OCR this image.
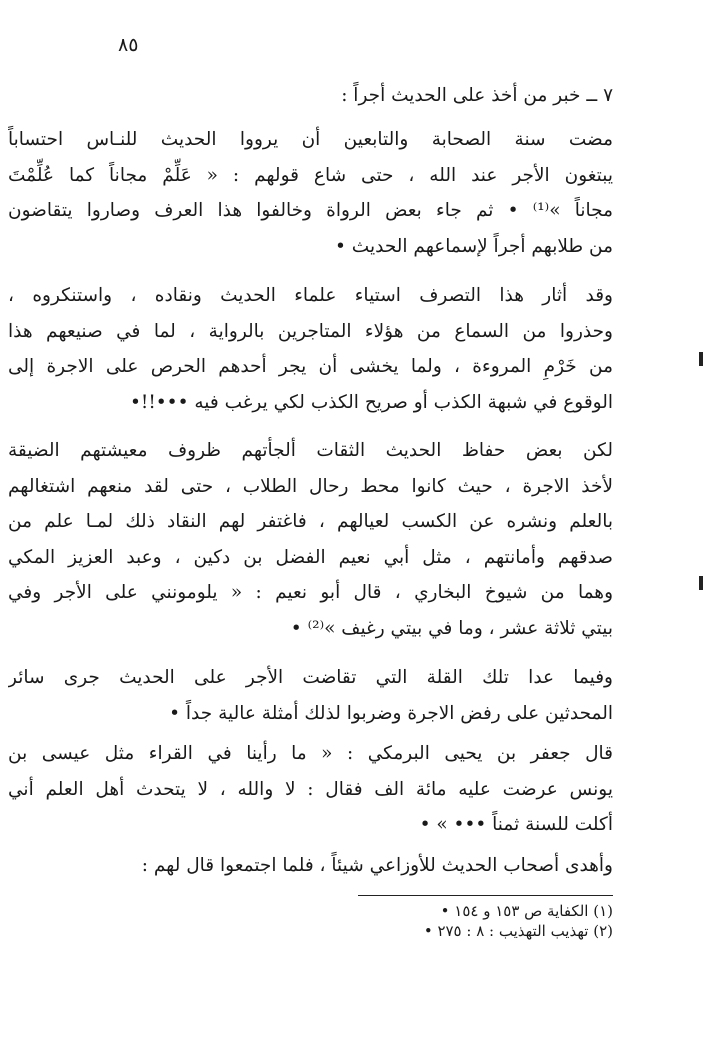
٨٥
٧ ــ خبر من أخذ على الحديث أجراً :
مضت سنة الصحابة والتابعين أن يرووا الحديث للنـاس احتساباً
يبتغون الأجر عند الله ، حتى شاع قولهم : « عَلِّمْ مجاناً كما عُلِّمْتَ
مجاناً »⁽¹⁾ • ثم جاء بعض الرواة وخالفوا هذا العرف وصاروا يتقاضون
من طلابهم أجراً لإسماعهم الحديث •
وقد أثار هذا التصرف استياء علماء الحديث ونقاده ، واستنكروه ،
وحذروا من السماع من هؤلاء المتاجرين بالرواية ، لما في صنيعهم هذا
من خَرْمِ المروءة ، ولما يخشى أن يجر أحدهم الحرص على الاجرة إلى
الوقوع في شبهة الكذب أو صريح الكذب لكي يرغب فيه •••!!•
لكن بعض حفاظ الحديث الثقات ألجأتهم ظروف معيشتهم الضيقة
لأخذ الاجرة ، حيث كانوا محط رحال الطلاب ، حتى لقد منعهم اشتغالهم
بالعلم ونشره عن الكسب لعيالهم ، فاغتفر لهم النقاد ذلك لمـا علم من
صدقهم وأمانتهم ، مثل أبي نعيم الفضل بن دكين ، وعبد العزيز المكي
وهما من شيوخ البخاري ، قال أبو نعيم : « يلومونني على الأجر وفي
بيتي ثلاثة عشر ، وما في بيتي رغيف »⁽²⁾ •
وفيما عدا تلك القلة التي تقاضت الأجر على الحديث جرى سائر
المحدثين على رفض الاجرة وضربوا لذلك أمثلة عالية جداً •
قال جعفر بن يحيى البرمكي : « ما رأينا في القراء مثل عيسى بن
يونس عرضت عليه مائة الف فقال : لا والله ، لا يتحدث أهل العلم أني
أكلت للسنة ثمناً ••• » •
وأهدى أصحاب الحديث للأوزاعي شيئاً ، فلما اجتمعوا قال لهم :
(١) الكفاية ص ١٥٣ و ١٥٤ •
(٢) تهذيب التهذيب : ٨ : ٢٧٥ •
